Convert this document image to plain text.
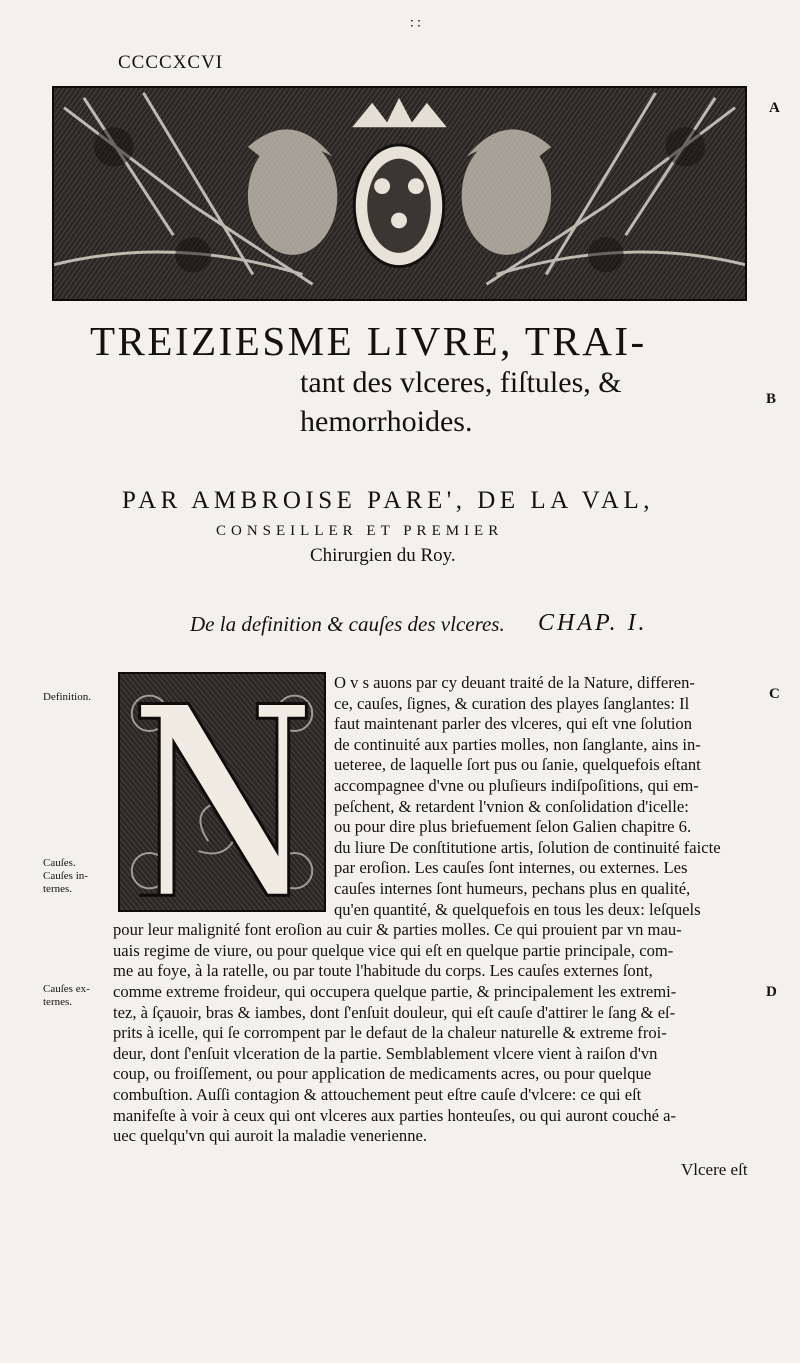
∶ ∶
CCCCXCVI
A
B
C
D
TREIZIESME LIVRE, TRAI-
tant des vlceres, fiſtules, &
hemorrhoides.
PAR AMBROISE PARE', DE LA VAL,
CONSEILLER ET PREMIER
Chirurgien du Roy.
De la definition & cauſes des vlceres. CHAP. I.
Definition.
Cauſes.
Cauſes in-
ternes.
Cauſes ex-
ternes.
O v s auons par cy deuant traité de la Nature, differen-
ce, cauſes, ſignes, & curation des playes ſanglantes: Il
faut maintenant parler des vlceres, qui eſt vne ſolution
de continuité aux parties molles, non ſanglante, ains in-
ueteree, de laquelle ſort pus ou ſanie, quelquefois eſtant
accompagnee d'vne ou pluſieurs indiſpoſitions, qui em-
peſchent, & retardent l'vnion & conſolidation d'icelle:
ou pour dire plus briefuement ſelon Galien chapitre 6.
du liure De conſtitutione artis, ſolution de continuité faicte
par eroſion. Les cauſes ſont internes, ou externes. Les
cauſes internes ſont humeurs, pechans plus en qualité,
qu'en quantité, & quelquefois en tous les deux: leſquels
pour leur malignité font eroſion au cuir & parties molles. Ce qui prouient par vn mau-
uais regime de viure, ou pour quelque vice qui eſt en quelque partie principale, com-
me au foye, à la ratelle, ou par toute l'habitude du corps. Les cauſes externes ſont,
comme extreme froideur, qui occupera quelque partie, & principalement les extremi-
tez, à ſçauoir, bras & iambes, dont ſ'enſuit douleur, qui eſt cauſe d'attirer le ſang & eſ-
prits à icelle, qui ſe corrompent par le defaut de la chaleur naturelle & extreme froi-
deur, dont ſ'enſuit vlceration de la partie. Semblablement vlcere vient à raiſon d'vn
coup, ou froiſſement, ou pour application de medicaments acres, ou pour quelque
combuſtion. Auſſi contagion & attouchement peut eſtre cauſe d'vlcere: ce qui eſt
manifeſte à voir à ceux qui ont vlceres aux parties honteuſes, ou qui auront couché a-
uec quelqu'vn qui auroit la maladie venerienne.
Vlcere eſt
